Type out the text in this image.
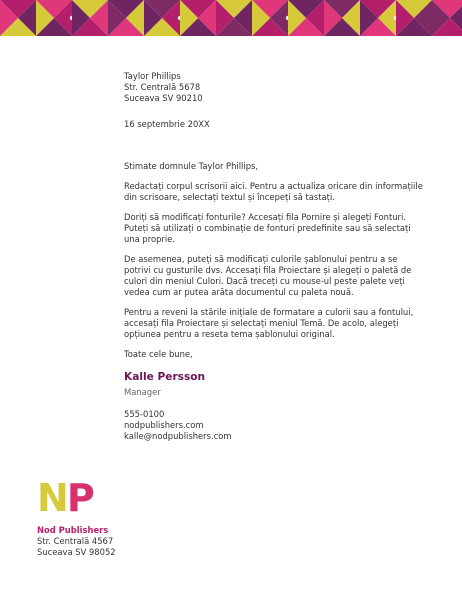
Taylor Phillips

Str. Centrală 5678

Suceava SV 90210

16 septembrie 20XX

Stimate domnule Taylor Phillips,

Redactați corpul scrisorii aici. Pentru a actualiza oricare din informațiile din scrisoare, selectați textul și începeți să tastați.

Doriți să modificați fonturile? Accesați fila Pornire și alegeți Fonturi. Puteți să utilizați o combinație de fonturi predefinite sau să selectați una proprie.

De asemenea, puteți să modificați culorile șablonului pentru a se potrivi cu gusturile dvs. Accesați fila Proiectare și alegeți o paletă de culori din meniul Culori. Dacă treceți cu mouse-ul peste palete veți vedea cum ar putea arăta documentul cu paleta nouă.

Pentru a reveni la stările inițiale de formatare a culorii sau a fontului, accesați fila Proiectare și selectați meniul Temă. De acolo, alegeți opțiunea pentru a reseta tema șablonului original.

Toate cele bune,

Kalle Persson

Manager

555-0100

nodpublishers.com

kalle@nodpublishers.com

N P
Nod Publishers
Str. Centrală 4567
Suceava SV 98052
